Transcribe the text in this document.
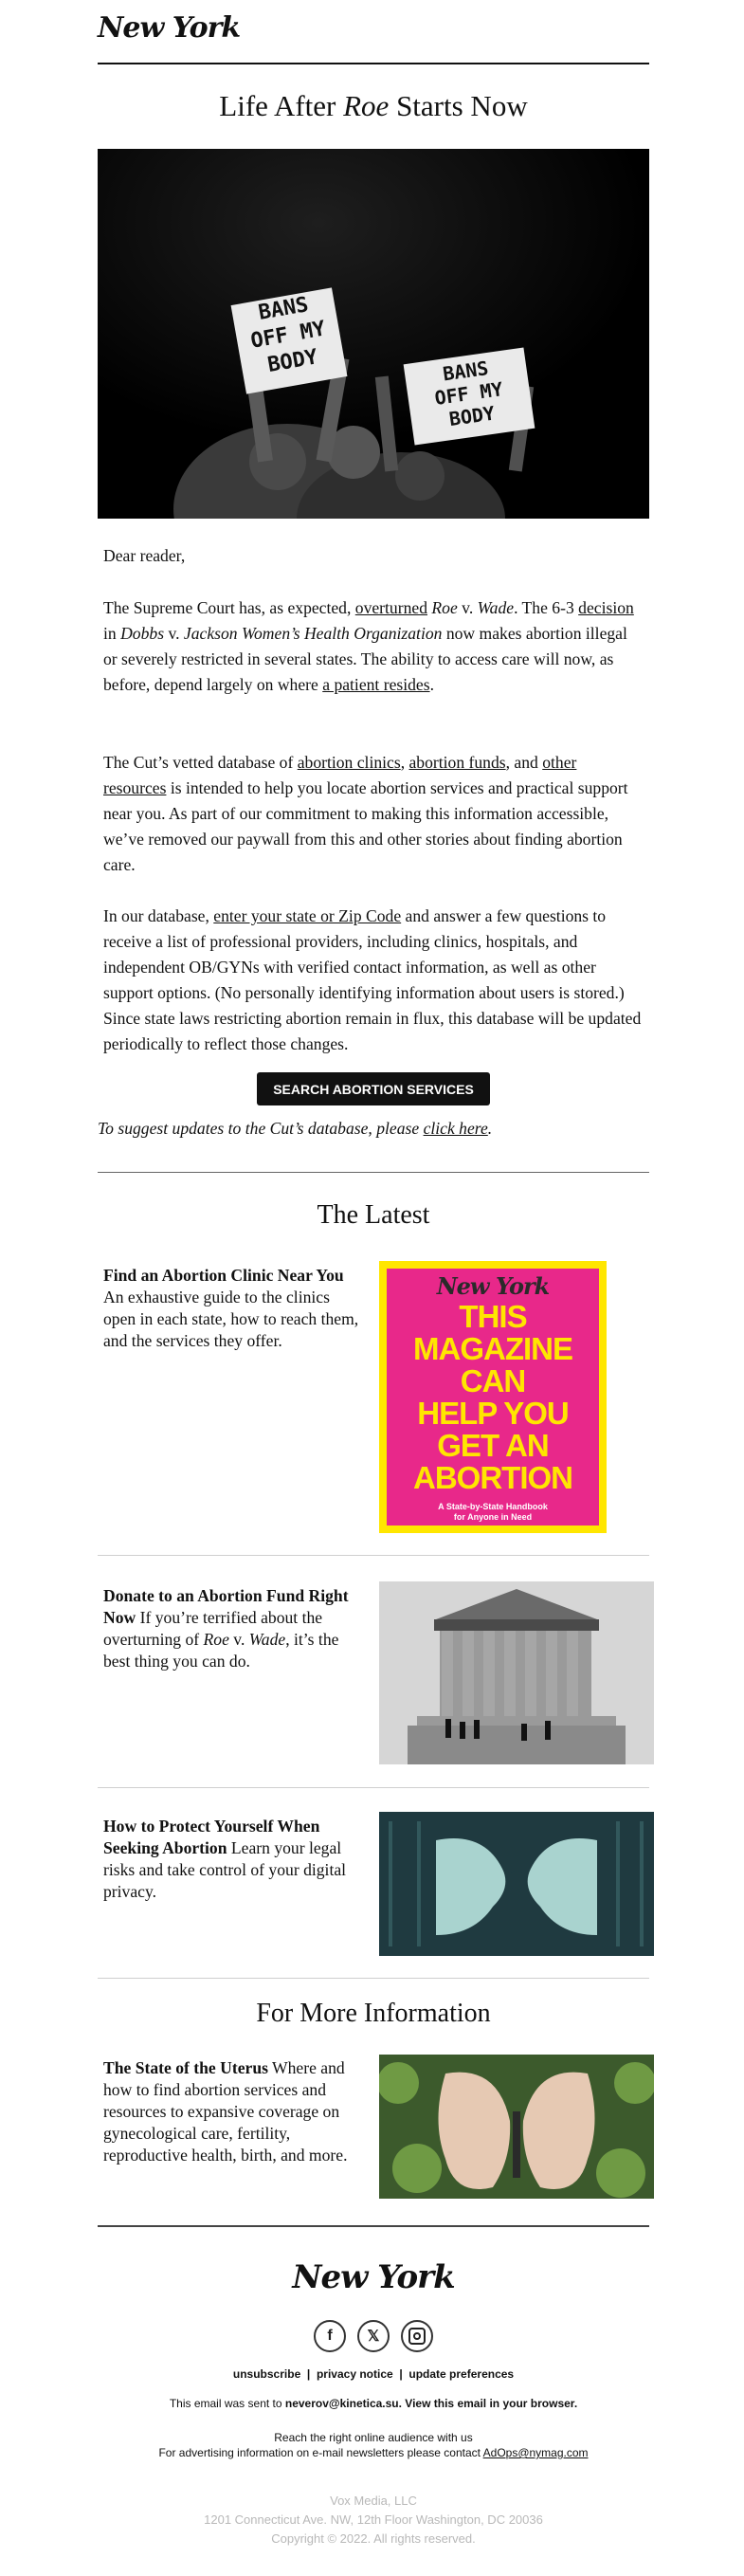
New York
Life After Roe Starts Now
BANS
OFF MY
BODY	BANS
OFF MY
BODY
Dear reader,
The Supreme Court has, as expected, overturned Roe v. Wade. The 6-3 decision in Dobbs v. Jackson Women’s Health Organization now makes abortion illegal or severely restricted in several states. The ability to access care will now, as before, depend largely on where a patient resides.
The Cut’s vetted database of abortion clinics, abortion funds, and other resources is intended to help you locate abortion services and practical support near you. As part of our commitment to making this information accessible, we’ve removed our paywall from this and other stories about finding abortion care.
In our database, enter your state or Zip Code and answer a few questions to receive a list of professional providers, including clinics, hospitals, and independent OB/GYNs with verified contact information, as well as other support options. (No personally identifying information about users is stored.) Since state laws restricting abortion remain in flux, this database will be updated periodically to reflect those changes.
SEARCH ABORTION SERVICES
To suggest updates to the Cut’s database, please click here.
The Latest
Find an Abortion Clinic Near You An exhaustive guide to the clinics open in each state, how to reach them, and the services they offer.
New York
THIS
MAGAZINE
CAN
HELP YOU
GET AN
ABORTION
A State-by-State Handbook
for Anyone in Need
Donate to an Abortion Fund Right Now If you’re terrified about the overturning of Roe v. Wade, it’s the best thing you can do.
How to Protect Yourself When Seeking Abortion Learn your legal risks and take control of your digital privacy.
For More Information
The State of the Uterus Where and how to find abortion services and resources to expansive coverage on gynecological care, fertility, reproductive health, birth, and more.
New York
f	𝕏
unsubscribe  |  privacy notice  |  update preferences
This email was sent to neverov@kinetica.su. View this email in your browser.
Reach the right online audience with us
For advertising information on e-mail newsletters please contact AdOps@nymag.com
Vox Media, LLC
1201 Connecticut Ave. NW, 12th Floor Washington, DC 20036
Copyright © 2022. All rights reserved.
